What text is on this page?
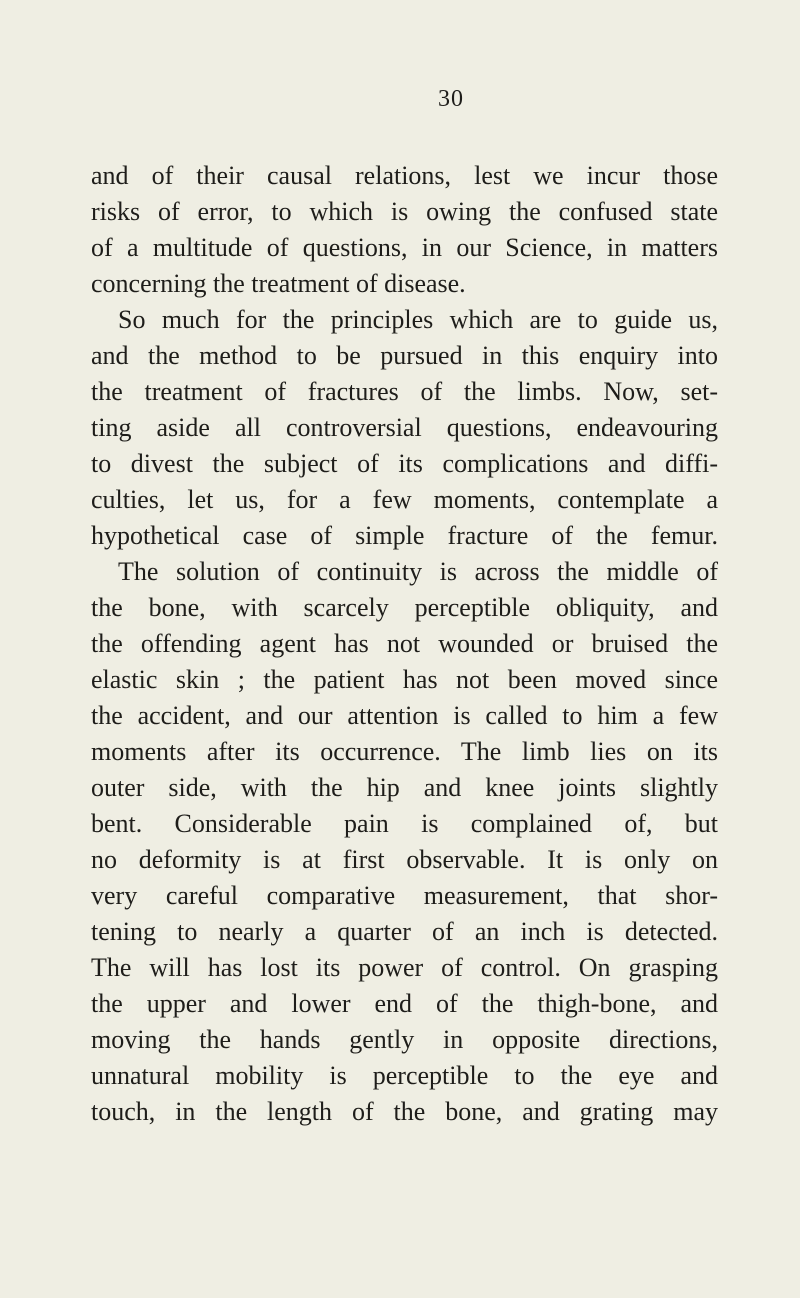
30
and of their causal relations, lest we incur those
risks of error, to which is owing the confused state
of a multitude of questions, in our Science, in matters
concerning the treatment of disease.
So much for the principles which are to guide us,
and the method to be pursued in this enquiry into
the treatment of fractures of the limbs. Now, set-
ting aside all controversial questions, endeavouring
to divest the subject of its complications and diffi-
culties, let us, for a few moments, contemplate a
hypothetical case of simple fracture of the femur.
The solution of continuity is across the middle of
the bone, with scarcely perceptible obliquity, and
the offending agent has not wounded or bruised the
elastic skin ; the patient has not been moved since
the accident, and our attention is called to him a few
moments after its occurrence. The limb lies on its
outer side, with the hip and knee joints slightly
bent. Considerable pain is complained of, but
no deformity is at first observable. It is only on
very careful comparative measurement, that shor-
tening to nearly a quarter of an inch is detected.
The will has lost its power of control. On grasping
the upper and lower end of the thigh-bone, and
moving the hands gently in opposite directions,
unnatural mobility is perceptible to the eye and
touch, in the length of the bone, and grating may
